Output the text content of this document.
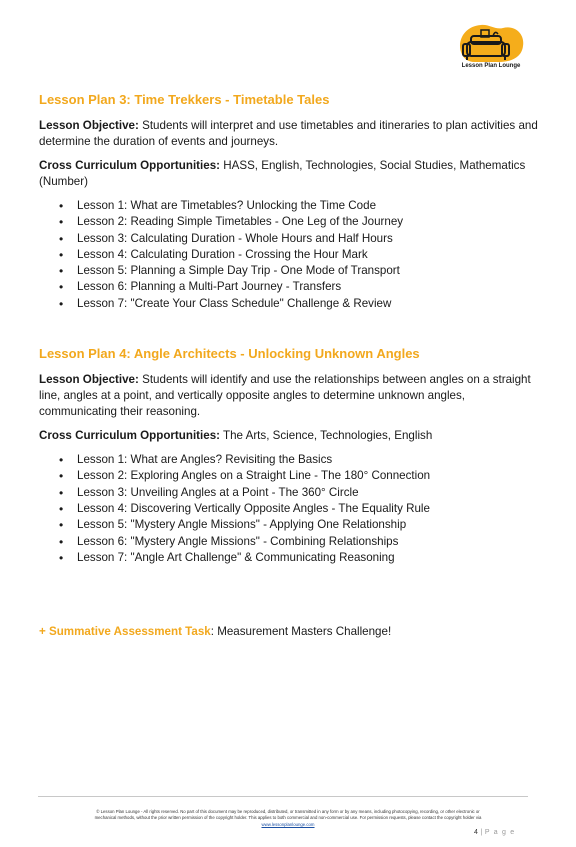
Lesson Plan Lounge
Lesson Plan 3: Time Trekkers - Timetable Tales

Lesson Objective: Students will interpret and use timetables and itineraries to plan activities and determine the duration of events and journeys.

Cross Curriculum Opportunities: HASS, English, Technologies, Social Studies, Mathematics (Number)

• Lesson 1: What are Timetables? Unlocking the Time Code
• Lesson 2: Reading Simple Timetables - One Leg of the Journey
• Lesson 3: Calculating Duration - Whole Hours and Half Hours
• Lesson 4: Calculating Duration - Crossing the Hour Mark
• Lesson 5: Planning a Simple Day Trip - One Mode of Transport
• Lesson 6: Planning a Multi-Part Journey - Transfers
• Lesson 7: "Create Your Class Schedule" Challenge & Review
Lesson Plan 4: Angle Architects - Unlocking Unknown Angles

Lesson Objective: Students will identify and use the relationships between angles on a straight line, angles at a point, and vertically opposite angles to determine unknown angles, communicating their reasoning.

Cross Curriculum Opportunities: The Arts, Science, Technologies, English

• Lesson 1: What are Angles? Revisiting the Basics
• Lesson 2: Exploring Angles on a Straight Line - The 180° Connection
• Lesson 3: Unveiling Angles at a Point - The 360° Circle
• Lesson 4: Discovering Vertically Opposite Angles - The Equality Rule
• Lesson 5: "Mystery Angle Missions" - Applying One Relationship
• Lesson 6: "Mystery Angle Missions" - Combining Relationships
• Lesson 7: "Angle Art Challenge" & Communicating Reasoning

+ Summative Assessment Task: Measurement Masters Challenge!

© Lesson Plan Lounge - All rights reserved. No part of this document may be reproduced, distributed, or transmitted in any form or by any means, including photocopying, recording, or other electronic or
mechanical methods, without the prior written permission of the copyright holder. This applies to both commercial and non-commercial use. For permission requests, please contact the copyright holder via
www.lessonplanlounge.com
4 | P a g e
